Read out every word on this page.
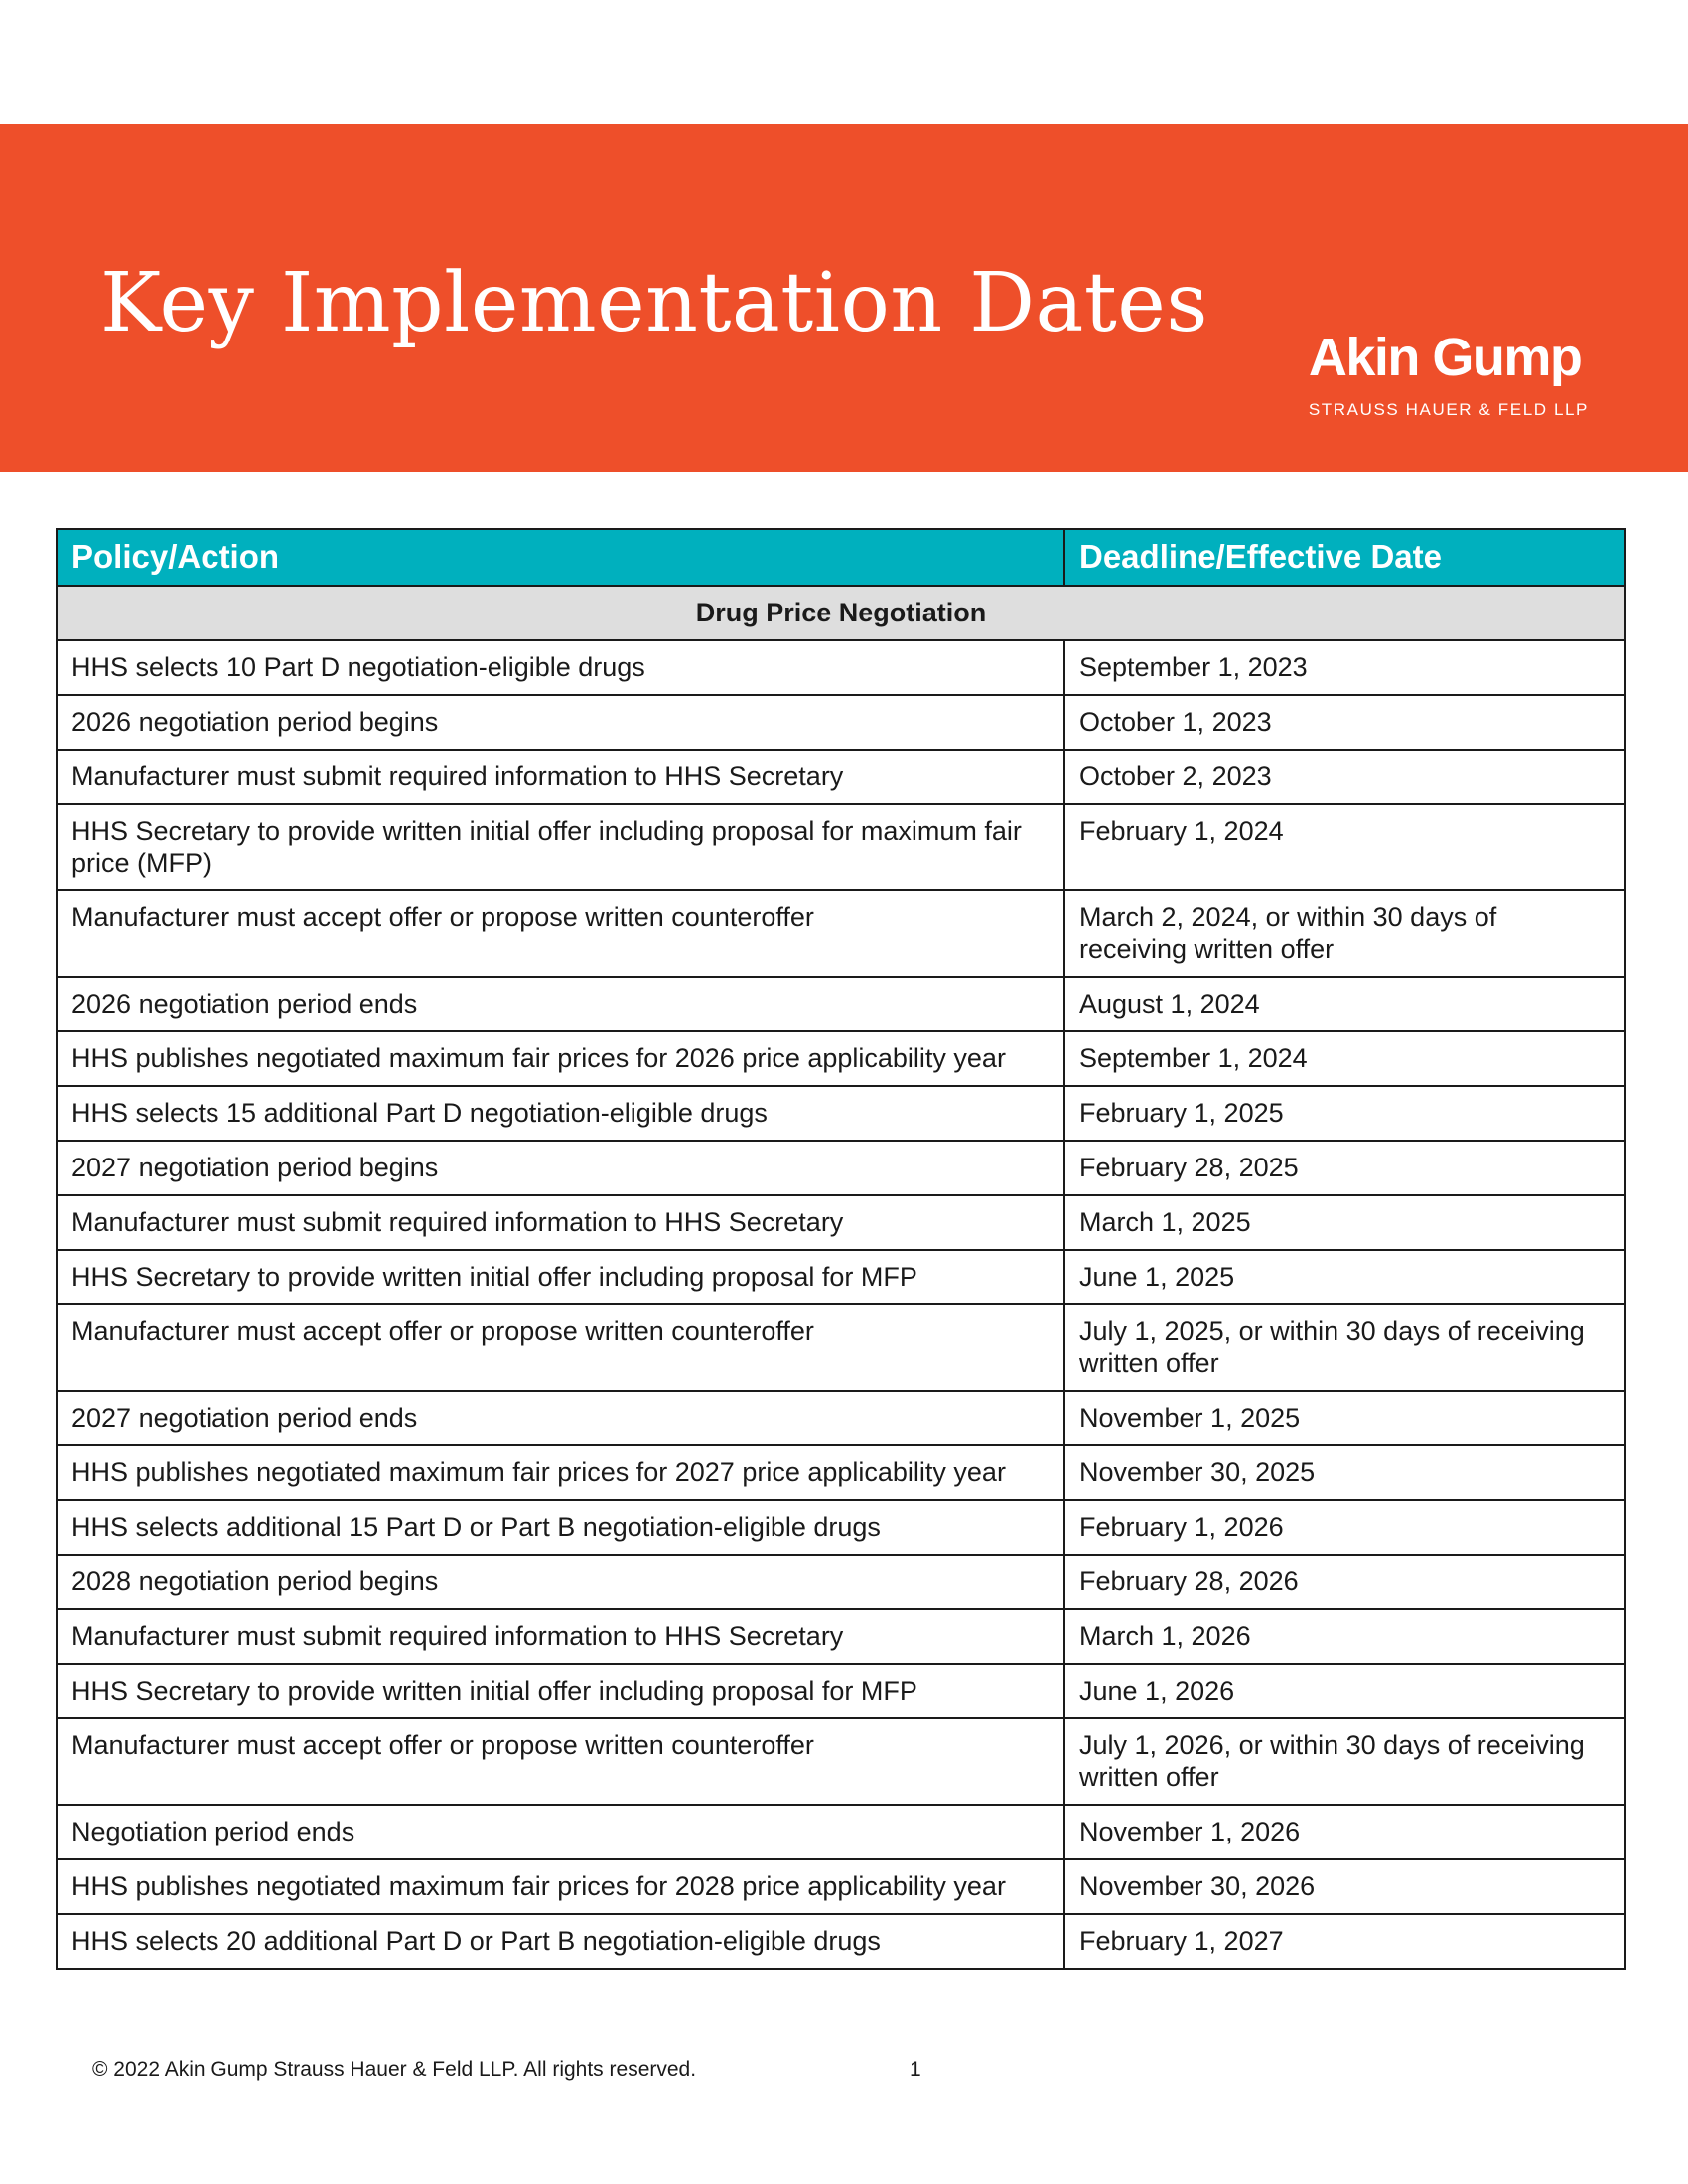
Key Implementation Dates
Akin Gump
STRAUSS HAUER & FELD LLP
Policy/Action	Deadline/Effective Date
Drug Price Negotiation	
HHS selects 10 Part D negotiation-eligible drugs	September 1, 2023
2026 negotiation period begins	October 1, 2023
Manufacturer must submit required information to HHS Secretary	October 2, 2023
HHS Secretary to provide written initial offer including proposal for maximum fair price (MFP)	February 1, 2024
Manufacturer must accept offer or propose written counteroffer	March 2, 2024, or within 30 days of receiving written offer
2026 negotiation period ends	August 1, 2024
HHS publishes negotiated maximum fair prices for 2026 price applicability year	September 1, 2024
HHS selects 15 additional Part D negotiation-eligible drugs	February 1, 2025
2027 negotiation period begins	February 28, 2025
Manufacturer must submit required information to HHS Secretary	March 1, 2025
HHS Secretary to provide written initial offer including proposal for MFP	June 1, 2025
Manufacturer must accept offer or propose written counteroffer	July 1, 2025, or within 30 days of receiving written offer
2027 negotiation period ends	November 1, 2025
HHS publishes negotiated maximum fair prices for 2027 price applicability year	November 30, 2025
HHS selects additional 15 Part D or Part B negotiation-eligible drugs	February 1, 2026
2028 negotiation period begins	February 28, 2026
Manufacturer must submit required information to HHS Secretary	March 1, 2026
HHS Secretary to provide written initial offer including proposal for MFP	June 1, 2026
Manufacturer must accept offer or propose written counteroffer	July 1, 2026, or within 30 days of receiving written offer
Negotiation period ends	November 1, 2026
HHS publishes negotiated maximum fair prices for 2028 price applicability year	November 30, 2026
HHS selects 20 additional Part D or Part B negotiation-eligible drugs	February 1, 2027
© 2022 Akin Gump Strauss Hauer & Feld LLP. All rights reserved.	1
